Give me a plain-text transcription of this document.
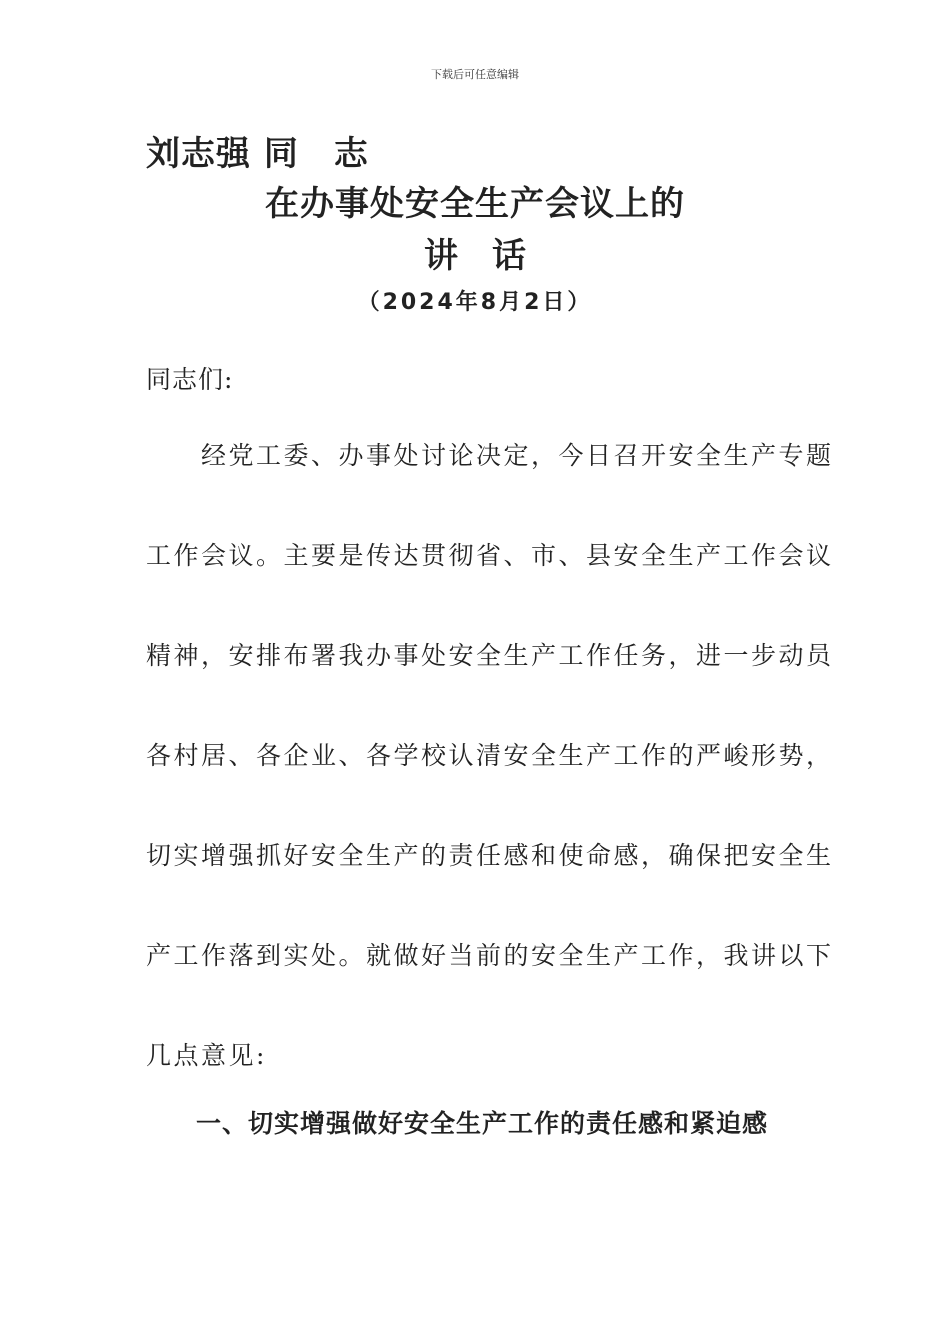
下载后可任意编辑
刘志强 同　志
在办事处安全生产会议上的
讲　话
（2024年8月2日）
同志们:
　　经党工委、办事处讨论决定，今日召开安全生产专题
工作会议。主要是传达贯彻省、市、县安全生产工作会议
精神，安排布署我办事处安全生产工作任务，进一步动员
各村居、各企业、各学校认清安全生产工作的严峻形势，
切实增强抓好安全生产的责任感和使命感，确保把安全生
产工作落到实处。就做好当前的安全生产工作，我讲以下
几点意见:
一、切实增强做好安全生产工作的责任感和紧迫感
